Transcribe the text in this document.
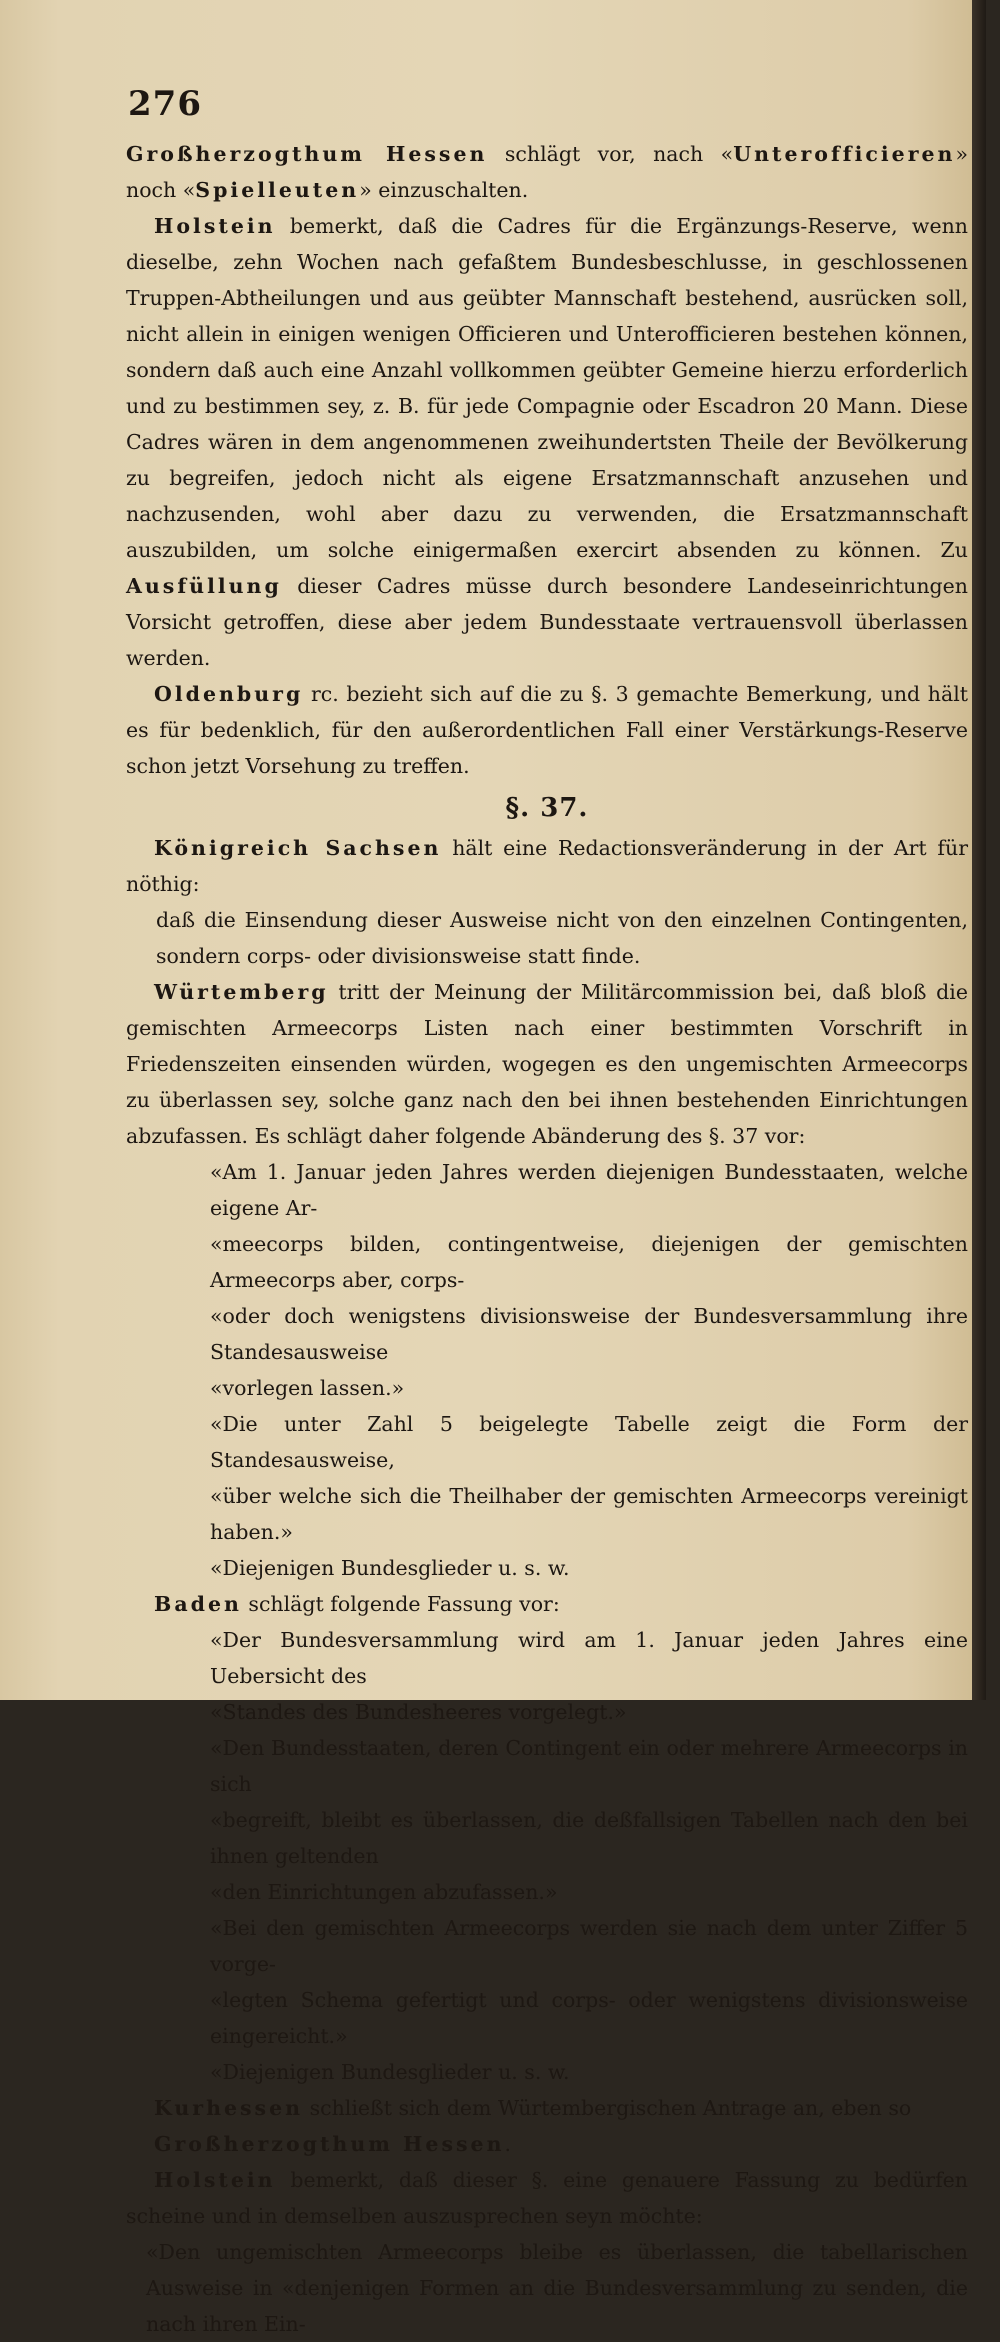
276
Großherzogthum Hessen schlägt vor, nach «Unterofficieren» noch «Spielleuten» einzuschalten.
Holstein bemerkt, daß die Cadres für die Ergänzungs-Reserve, wenn dieselbe, zehn Wochen nach gefaßtem Bundesbeschlusse, in geschlossenen Truppen-Abtheilungen und aus geübter Mannschaft bestehend, ausrücken soll, nicht allein in einigen wenigen Officieren und Unterofficieren bestehen können, sondern daß auch eine Anzahl vollkommen geübter Gemeine hierzu erforderlich und zu bestimmen sey, z. B. für jede Compagnie oder Escadron 20 Mann. Diese Cadres wären in dem angenommenen zweihundertsten Theile der Bevölkerung zu begreifen, jedoch nicht als eigene Ersatzmannschaft anzusehen und nachzusenden, wohl aber dazu zu verwenden, die Ersatzmannschaft auszubilden, um solche einigermaßen exercirt absenden zu können. Zu Ausfüllung dieser Cadres müsse durch besondere Landeseinrichtungen Vorsicht getroffen, diese aber jedem Bundesstaate vertrauensvoll überlassen werden.
Oldenburg rc. bezieht sich auf die zu §. 3 gemachte Bemerkung, und hält es für bedenklich, für den außerordentlichen Fall einer Verstärkungs-Reserve schon jetzt Vorsehung zu treffen.
§. 37.
Königreich Sachsen hält eine Redactionsveränderung in der Art für nöthig:
daß die Einsendung dieser Ausweise nicht von den einzelnen Contingenten, sondern corps- oder divisionsweise statt finde.
Würtemberg tritt der Meinung der Militärcommission bei, daß bloß die gemischten Armeecorps Listen nach einer bestimmten Vorschrift in Friedenszeiten einsenden würden, wogegen es den ungemischten Armeecorps zu überlassen sey, solche ganz nach den bei ihnen bestehenden Einrichtungen abzufassen. Es schlägt daher folgende Abänderung des §. 37 vor:
«Am 1. Januar jeden Jahres werden diejenigen Bundesstaaten, welche eigene Ar-
«meecorps bilden, contingentweise, diejenigen der gemischten Armeecorps aber, corps-
«oder doch wenigstens divisionsweise der Bundesversammlung ihre Standesausweise
«vorlegen lassen.»
«Die unter Zahl 5 beigelegte Tabelle zeigt die Form der Standesausweise,
«über welche sich die Theilhaber der gemischten Armeecorps vereinigt haben.»
«Diejenigen Bundesglieder u. s. w.
Baden schlägt folgende Fassung vor:
«Der Bundesversammlung wird am 1. Januar jeden Jahres eine Uebersicht des
«Standes des Bundesheeres vorgelegt.»
«Den Bundesstaaten, deren Contingent ein oder mehrere Armeecorps in sich
«begreift, bleibt es überlassen, die deßfallsigen Tabellen nach den bei ihnen geltenden
«den Einrichtungen abzufassen.»
«Bei den gemischten Armeecorps werden sie nach dem unter Ziffer 5 vorge-
«legten Schema gefertigt und corps- oder wenigstens divisionsweise eingereicht.»
«Diejenigen Bundesglieder u. s. w.
Kurhessen schließt sich dem Würtembergischen Antrage an, eben so
Großherzogthum Hessen.
Holstein bemerkt, daß dieser §. eine genauere Fassung zu bedürfen scheine und in demselben auszusprechen seyn möchte:
«Den ungemischten Armeecorps bleibe es überlassen, die tabellarischen Ausweise in «denjenigen Formen an die Bundesversammlung zu senden, die nach ihren Ein-
